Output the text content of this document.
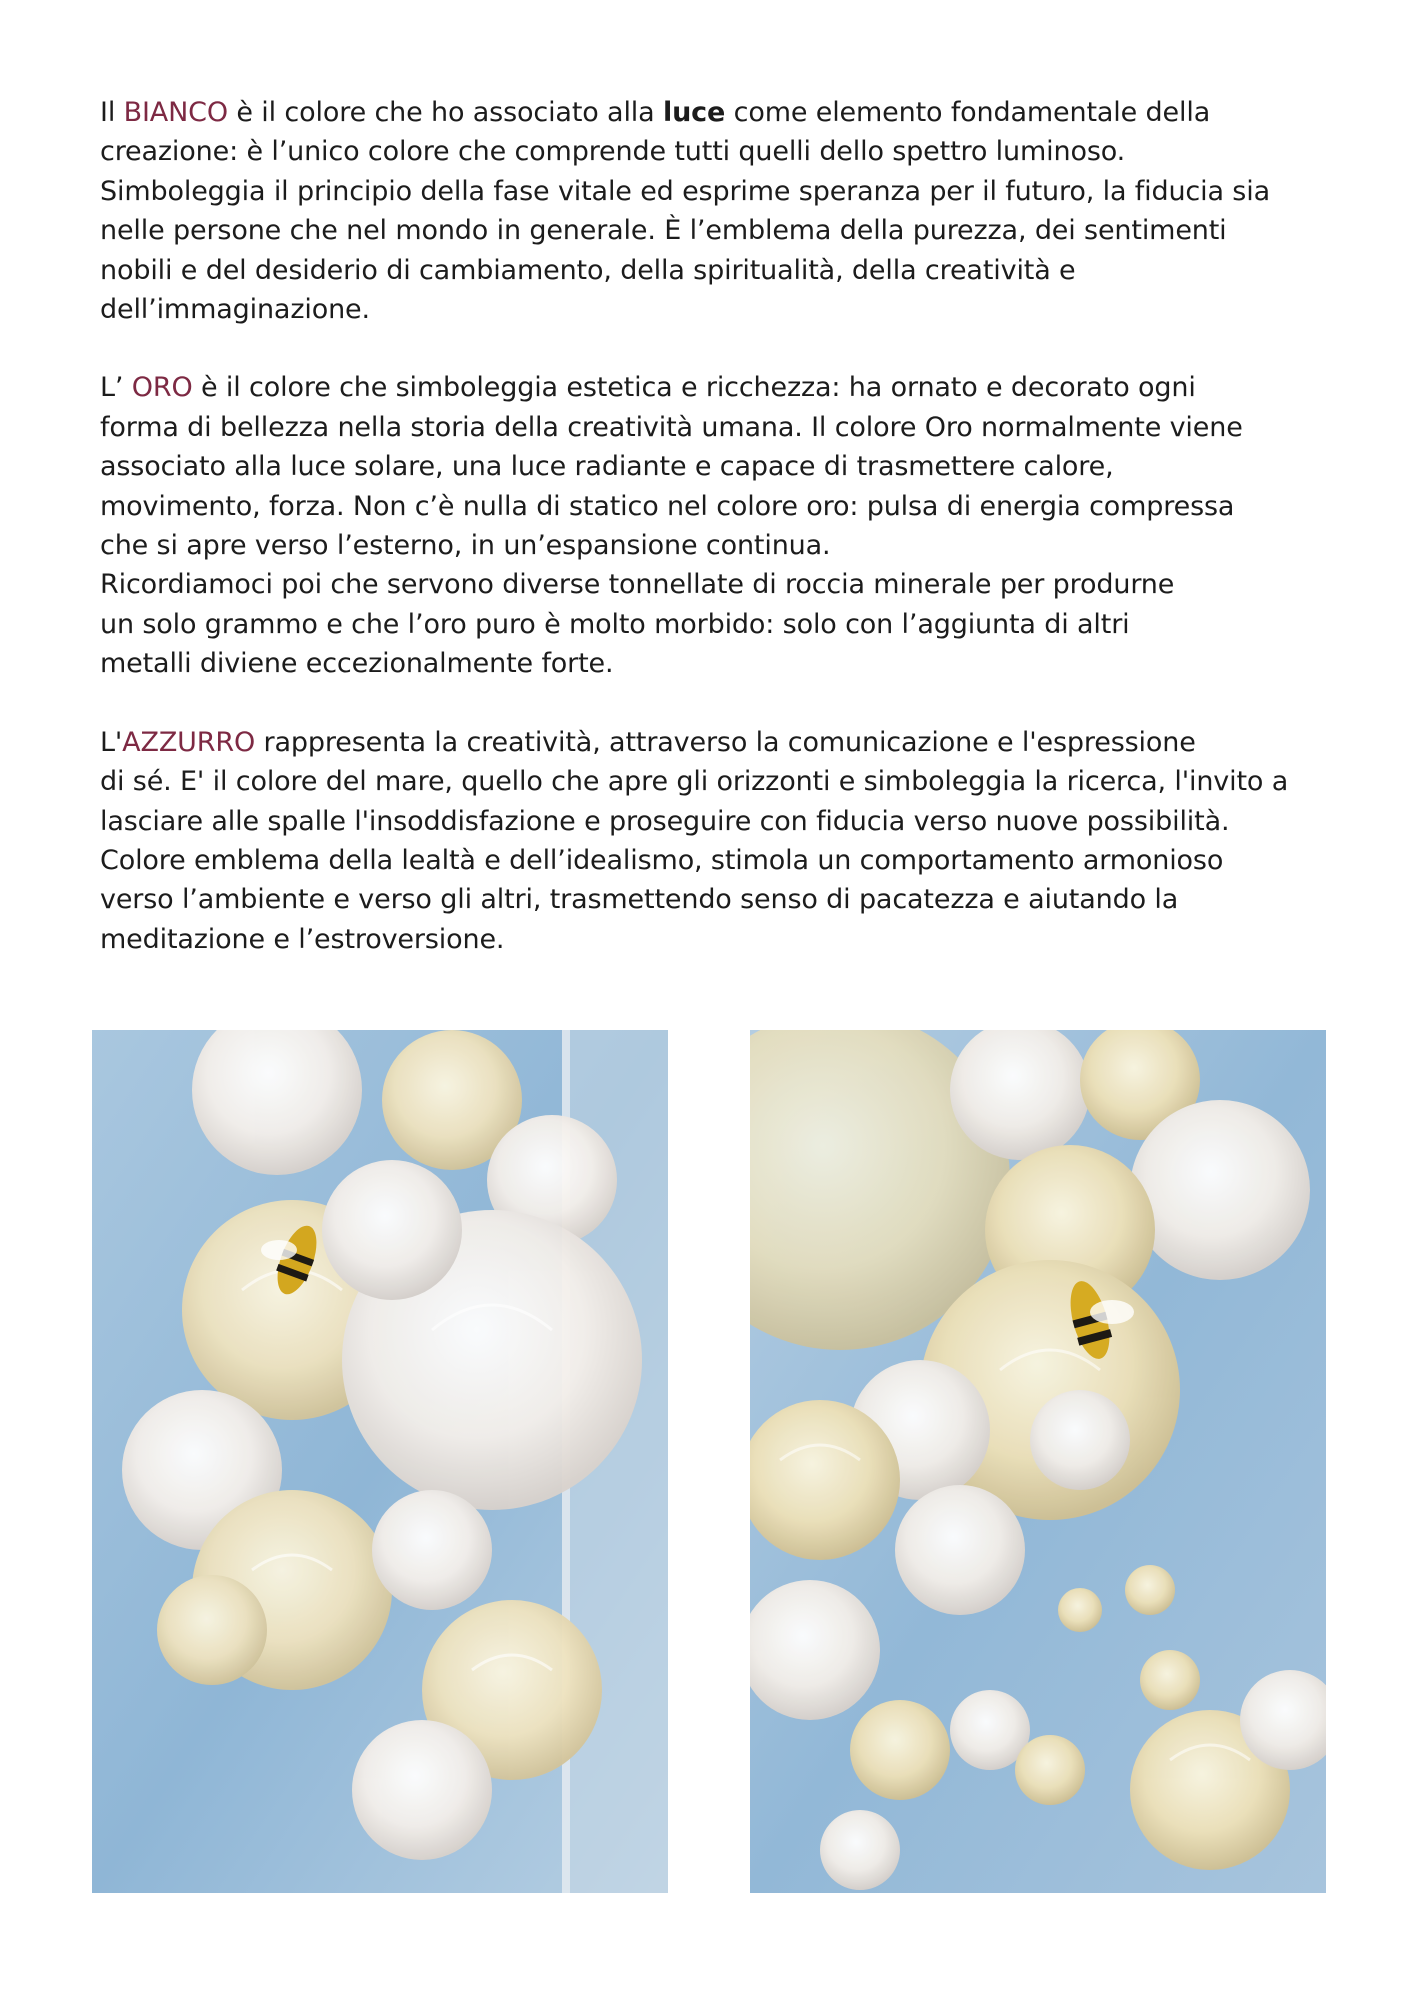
Il BIANCO è il colore che ho associato alla luce come elemento fondamentale della
creazione: è l’unico colore che comprende tutti quelli dello spettro luminoso.
Simboleggia il principio della fase vitale ed esprime speranza per il futuro, la fiducia sia
nelle persone che nel mondo in generale. È l’emblema della purezza, dei sentimenti
nobili e del desiderio di cambiamento, della spiritualità, della creatività e
dell’immaginazione.

L’ ORO è il colore che simboleggia estetica e ricchezza: ha ornato e decorato ogni
forma di bellezza nella storia della creatività umana. Il colore Oro normalmente viene
associato alla luce solare, una luce radiante e capace di trasmettere calore,
movimento, forza. Non c’è nulla di statico nel colore oro: pulsa di energia compressa
che si apre verso l’esterno, in un’espansione continua.
Ricordiamoci poi che servono diverse tonnellate di roccia minerale per produrne
un solo grammo e che l’oro puro è molto morbido: solo con l’aggiunta di altri
metalli diviene eccezionalmente forte.

L'AZZURRO rappresenta la creatività, attraverso la comunicazione e l'espressione
di sé. E' il colore del mare, quello che apre gli orizzonti e simboleggia la ricerca, l'invito a
lasciare alle spalle l'insoddisfazione e proseguire con fiducia verso nuove possibilità.
Colore emblema della lealtà e dell’idealismo, stimola un comportamento armonioso
verso l’ambiente e verso gli altri, trasmettendo senso di pacatezza e aiutando la
meditazione e l’estroversione.
